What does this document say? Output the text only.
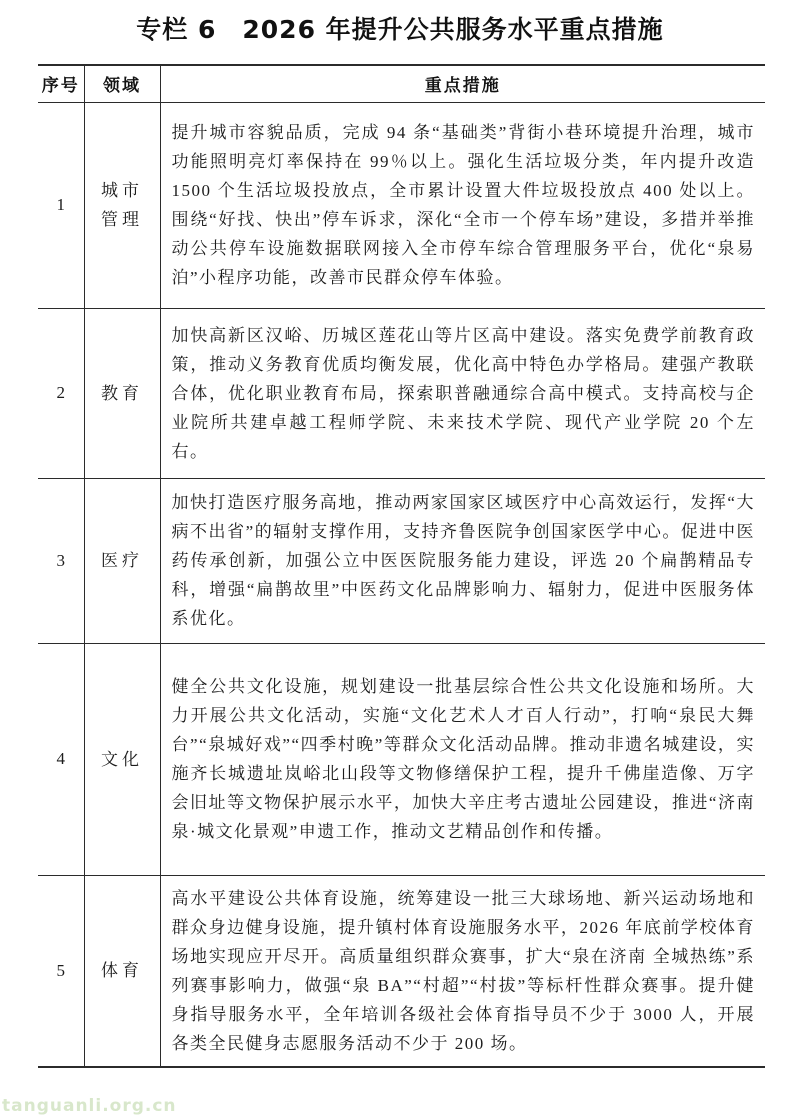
专栏 6　2026 年提升公共服务水平重点措施
序号	领域	重点措施
1	城市管理	提升城市容貌品质，完成 94 条“基础类”背街小巷环境提升治理，城市功能照明亮灯率保持在 99％以上。强化生活垃圾分类，年内提升改造 1500 个生活垃圾投放点，全市累计设置大件垃圾投放点 400 处以上。围绕“好找、快出”停车诉求，深化“全市一个停车场”建设，多措并举推动公共停车设施数据联网接入全市停车综合管理服务平台，优化“泉易泊”小程序功能，改善市民群众停车体验。
2	教育	加快高新区汉峪、历城区莲花山等片区高中建设。落实免费学前教育政策，推动义务教育优质均衡发展，优化高中特色办学格局。建强产教联合体，优化职业教育布局，探索职普融通综合高中模式。支持高校与企业院所共建卓越工程师学院、未来技术学院、现代产业学院 20 个左右。
3	医疗	加快打造医疗服务高地，推动两家国家区域医疗中心高效运行，发挥“大病不出省”的辐射支撑作用，支持齐鲁医院争创国家医学中心。促进中医药传承创新，加强公立中医医院服务能力建设，评选 20 个扁鹊精品专科，增强“扁鹊故里”中医药文化品牌影响力、辐射力，促进中医服务体系优化。
4	文化	健全公共文化设施，规划建设一批基层综合性公共文化设施和场所。大力开展公共文化活动，实施“文化艺术人才百人行动”，打响“泉民大舞台”“泉城好戏”“四季村晚”等群众文化活动品牌。推动非遗名城建设，实施齐长城遗址岚峪北山段等文物修缮保护工程，提升千佛崖造像、万字会旧址等文物保护展示水平，加快大辛庄考古遗址公园建设，推进“济南泉·城文化景观”申遗工作，推动文艺精品创作和传播。
5	体育	高水平建设公共体育设施，统筹建设一批三大球场地、新兴运动场地和群众身边健身设施，提升镇村体育设施服务水平，2026 年底前学校体育场地实现应开尽开。高质量组织群众赛事，扩大“泉在济南 全城热练”系列赛事影响力，做强“泉 BA”“村超”“村拔”等标杆性群众赛事。提升健身指导服务水平，全年培训各级社会体育指导员不少于 3000 人，开展各类全民健身志愿服务活动不少于 200 场。
tanguanli.org.cn
